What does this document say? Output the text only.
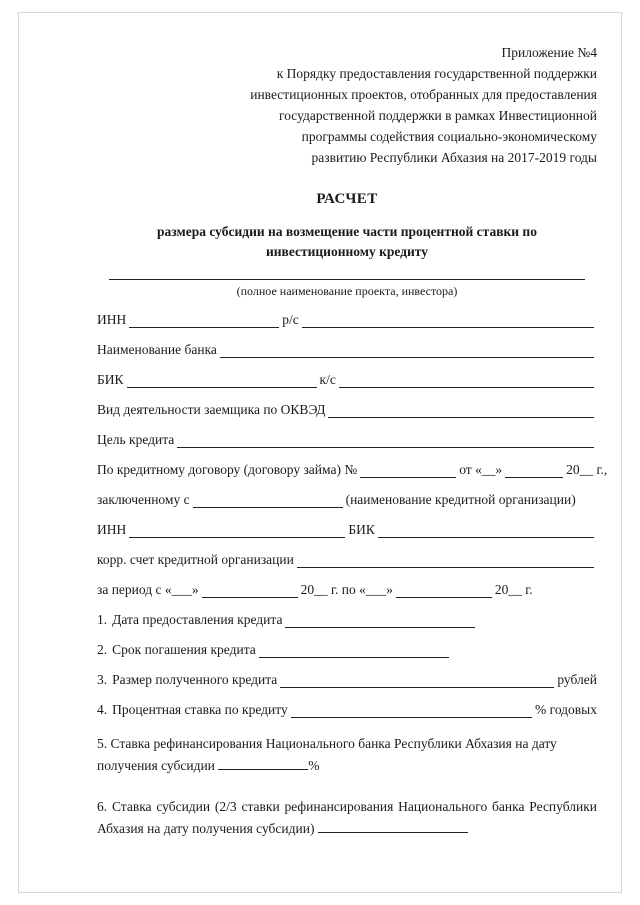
Приложение №4
к Порядку предоставления государственной поддержки
инвестиционных проектов, отобранных для предоставления
государственной поддержки в рамках Инвестиционной
программы содействия социально-экономическому
развитию Республики Абхазия на 2017-2019 годы
РАСЧЕТ
размера субсидии на возмещение части процентной ставки по инвестиционному кредиту
(полное наименование проекта, инвестора)
ИНН	р/с
Наименование банка
БИК	к/с
Вид деятельности заемщика по ОКВЭД
Цель кредита
По кредитному договору (договору займа) №	от «__»	20__ г.,
заключенному с	(наименование кредитной организации)
ИНН	БИК
корр. счет кредитной организации
за период с «___»	20__ г. по «___»	20__ г.
1. Дата предоставления кредита
2. Срок погашения кредита
3. Размер полученного кредита	рублей
4. Процентная ставка по кредиту	% годовых
5. Ставка рефинансирования Национального банка Республики Абхазия на дату получения субсидии	%
6. Ставка субсидии (2/3 ставки рефинансирования Национального банка Республики Абхазия на дату получения субсидии)
